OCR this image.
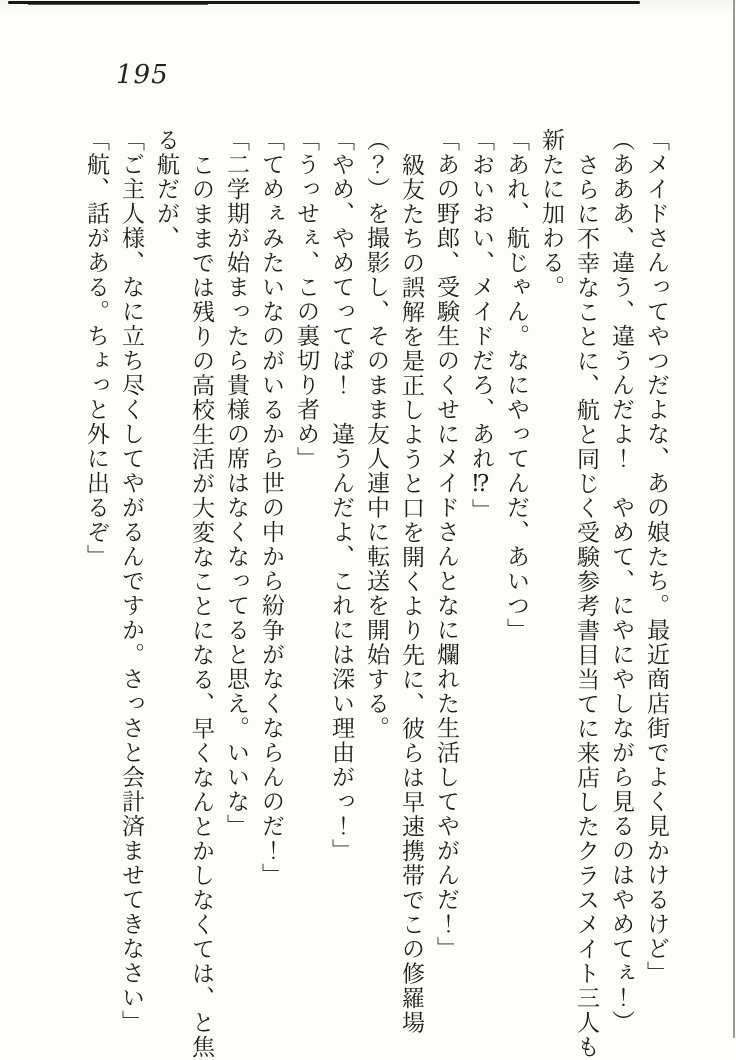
195
「メイドさんってやつだよな、あの娘たち。最近商店街でよく見かけるけど」
（あああ、違う、違うんだよ！　やめて、にやにやしながら見るのはやめてぇ！）
さらに不幸なことに、航と同じく受験参考書目当てに来店したクラスメイト三人も
新たに加わる。
「あれ、航じゃん。なにやってんだ、あいつ」
「おいおい、メイドだろ、あれ⁉」
「あの野郎、受験生のくせにメイドさんとなに爛れた生活してやがんだ！」
級友たちの誤解を是正しようと口を開くより先に、彼らは早速携帯でこの修羅場
（？）を撮影し、そのまま友人連中に転送を開始する。
「やめ、やめてってば！　違うんだよ、これには深い理由がっ！」
「うっせぇ、この裏切り者め」
「てめぇみたいなのがいるから世の中から紛争がなくならんのだ！」
「二学期が始まったら貴様の席はなくなってると思え。いいな」
このままでは残りの高校生活が大変なことになる、早くなんとかしなくては、と焦
る航だが、
「ご主人様、なに立ち尽くしてやがるんですか。さっさと会計済ませてきなさい」
「航、話がある。ちょっと外に出るぞ」
